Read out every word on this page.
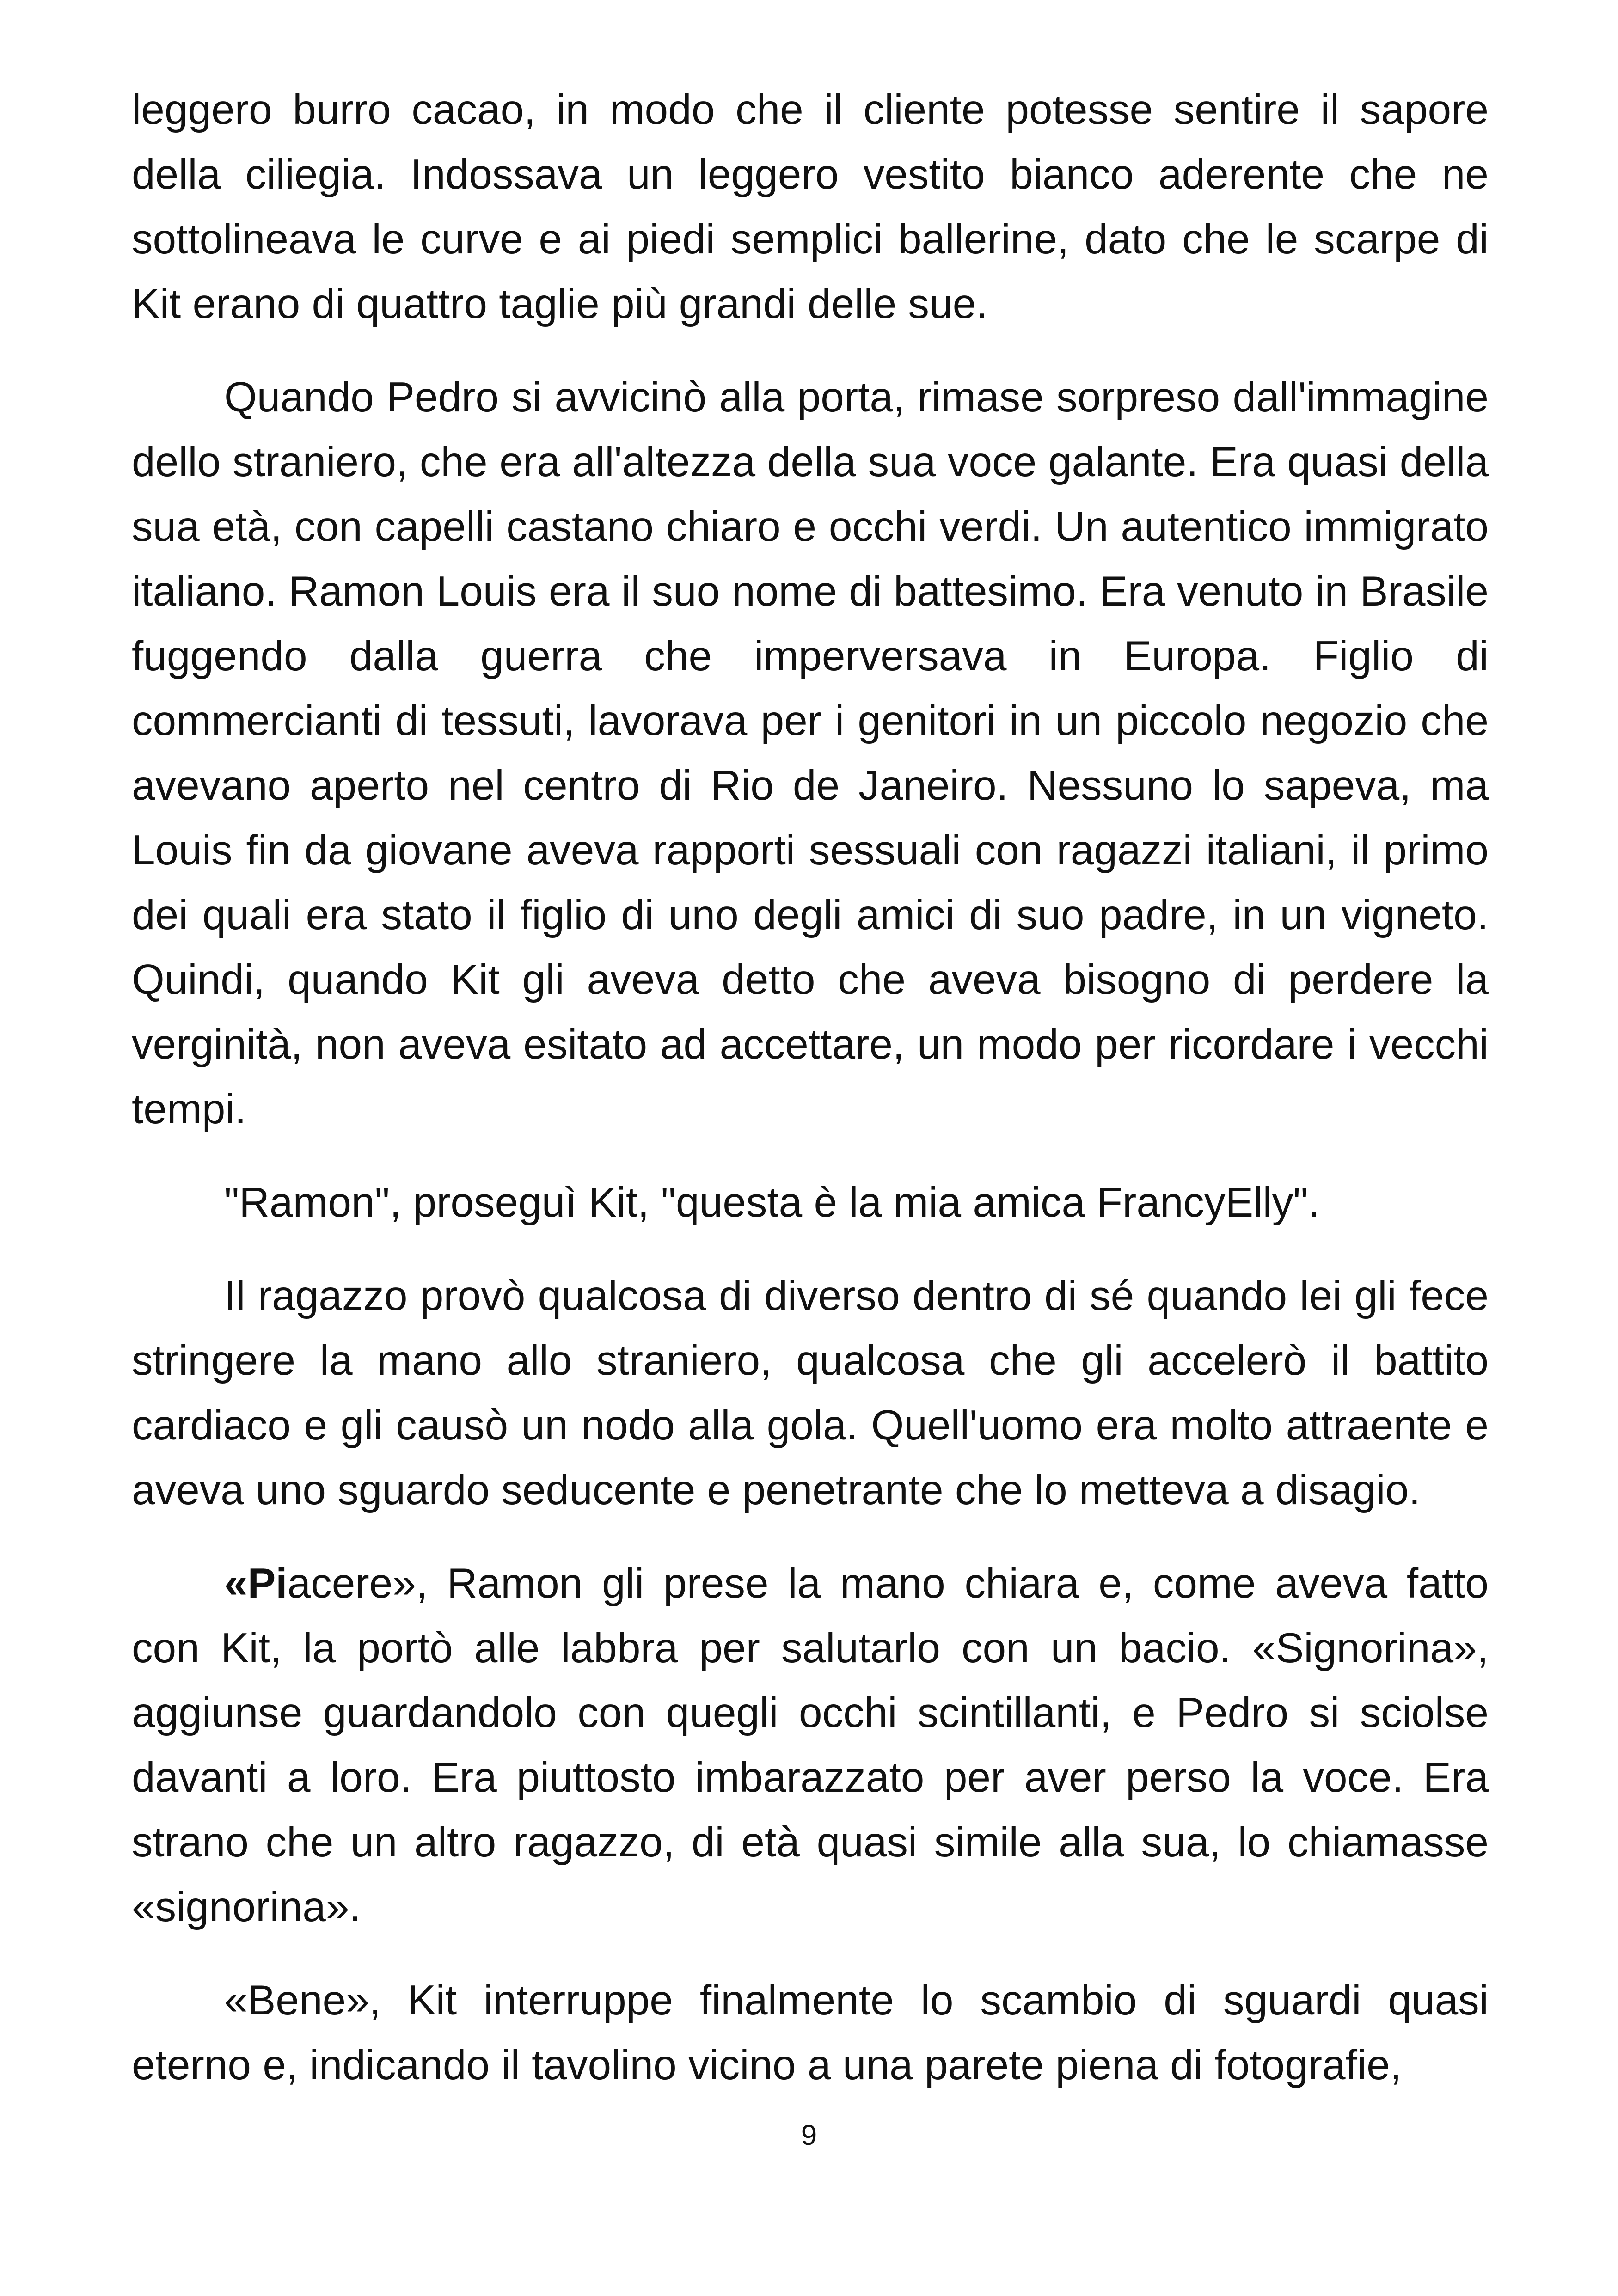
leggero burro cacao, in modo che il cliente potesse sentire il sapore della ciliegia. Indossava un leggero vestito bianco aderente che ne sottolineava le curve e ai piedi semplici ballerine, dato che le scarpe di Kit erano di quattro taglie più grandi delle sue.

Quando Pedro si avvicinò alla porta, rimase sorpreso dall'immagine dello straniero, che era all'altezza della sua voce galante. Era quasi della sua età, con capelli castano chiaro e occhi verdi. Un autentico immigrato italiano. Ramon Louis era il suo nome di battesimo. Era venuto in Brasile fuggendo dalla guerra che imperversava in Europa. Figlio di commercianti di tessuti, lavorava per i genitori in un piccolo negozio che avevano aperto nel centro di Rio de Janeiro. Nessuno lo sapeva, ma Louis fin da giovane aveva rapporti sessuali con ragazzi italiani, il primo dei quali era stato il figlio di uno degli amici di suo padre, in un vigneto. Quindi, quando Kit gli aveva detto che aveva bisogno di perdere la verginità, non aveva esitato ad accettare, un modo per ricordare i vecchi tempi.

"Ramon", proseguì Kit, "questa è la mia amica FrancyElly".

Il ragazzo provò qualcosa di diverso dentro di sé quando lei gli fece stringere la mano allo straniero, qualcosa che gli accelerò il battito cardiaco e gli causò un nodo alla gola. Quell'uomo era molto attraente e aveva uno sguardo seducente e penetrante che lo metteva a disagio.

«Piacere», Ramon gli prese la mano chiara e, come aveva fatto con Kit, la portò alle labbra per salutarlo con un bacio. «Signorina», aggiunse guardandolo con quegli occhi scintillanti, e Pedro si sciolse davanti a loro. Era piuttosto imbarazzato per aver perso la voce. Era strano che un altro ragazzo, di età quasi simile alla sua, lo chiamasse «signorina».

«Bene», Kit interruppe finalmente lo scambio di sguardi quasi eterno e, indicando il tavolino vicino a una parete piena di fotografie,

9
